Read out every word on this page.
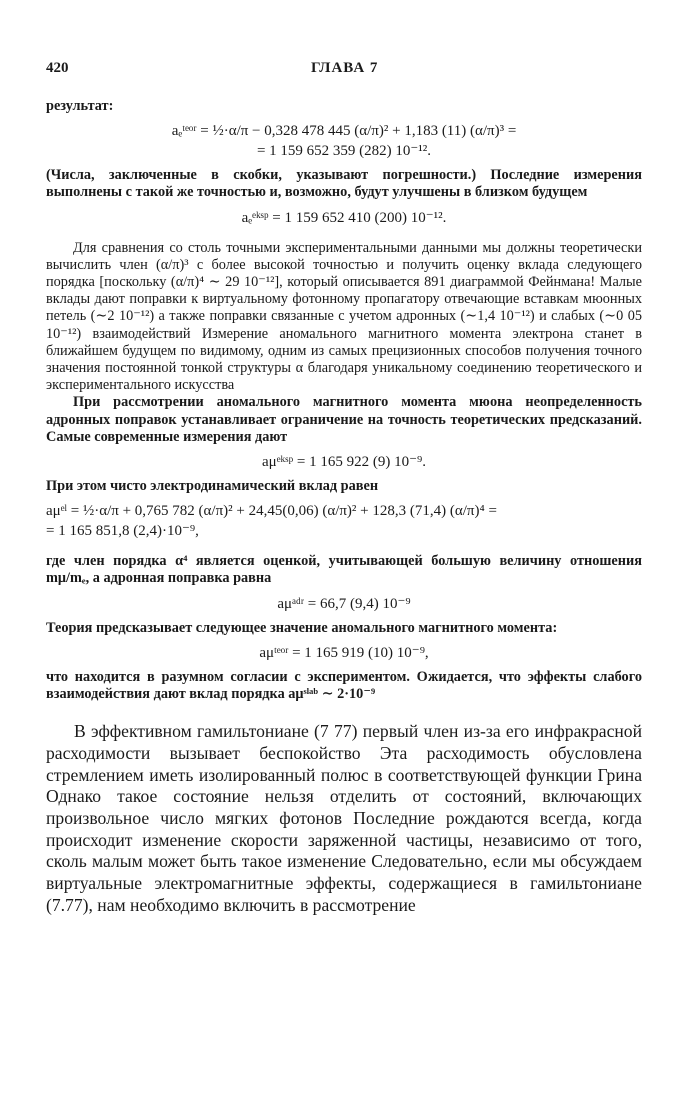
420	ГЛАВА 7

результат:

aₑᵗᵉᵒʳ = ½·α/π − 0,328 478 445 (α/π)² + 1,183 (11) (α/π)³ =

= 1 159 652 359 (282) 10⁻¹².

(Числа, заключенные в скобки, указывают погрешности.) Последние измерения выполнены с такой же точностью и, возможно, будут улучшены в близком будущем

aₑᵉᵏˢᵖ = 1 159 652 410 (200) 10⁻¹².

Для сравнения со столь точными экспериментальными данными мы должны теоретически вычислить член (α/π)³ с более высокой точностью и получить оценку вклада следующего порядка [поскольку (α/π)⁴ ∼ 29 10⁻¹²], который описывается 891 диаграммой Фейнмана! Малые вклады дают поправки к виртуальному фотонному пропагатору отвечающие вставкам мюонных петель (∼2 10⁻¹²) а также поправки связанные с учетом адронных (∼1,4 10⁻¹²) и слабых (∼0 05 10⁻¹²) взаимодействий Измерение аномального магнитного момента электрона станет в ближайшем будущем по видимому, одним из самых прецизионных способов получения точного значения постоянной тонкой структуры α благодаря уникальному соединению теоретического и экспериментального искусства

При рассмотрении аномального магнитного момента мюона неопределенность адронных поправок устанавливает ограничение на точность теоретических предсказаний. Самые современные измерения дают

aμᵉᵏˢᵖ = 1 165 922 (9) 10⁻⁹.

При этом чисто электродинамический вклад равен

aμᵉˡ = ½·α/π + 0,765 782 (α/π)² + 24,45(0,06) (α/π)² + 128,3 (71,4) (α/π)⁴ =

= 1 165 851,8 (2,4)·10⁻⁹,

где член порядка α⁴ является оценкой, учитывающей большую величину отношения mμ/mₑ, а адронная поправка равна

aμᵃᵈʳ = 66,7 (9,4) 10⁻⁹

Теория предсказывает следующее значение аномального магнитного момента:

aμᵗᵉᵒʳ = 1 165 919 (10) 10⁻⁹,

что находится в разумном согласии с экспериментом. Ожидается, что эффекты слабого взаимодействия дают вклад порядка aμˢˡᵃᵇ ∼ 2·10⁻⁹

В эффективном гамильтониане (7 77) первый член из-за его инфракрасной расходимости вызывает беспокойство Эта расходимость обусловлена стремлением иметь изолированный полюс в соответствующей функции Грина Однако такое состояние нельзя отделить от состояний, включающих произвольное число мягких фотонов Последние рождаются всегда, когда происходит изменение скорости заряженной частицы, независимо от того, сколь малым может быть такое изменение Следовательно, если мы обсуждаем виртуальные электромагнитные эффекты, содержащиеся в гамильтониане (7.77), нам необходимо включить в рассмотрение
